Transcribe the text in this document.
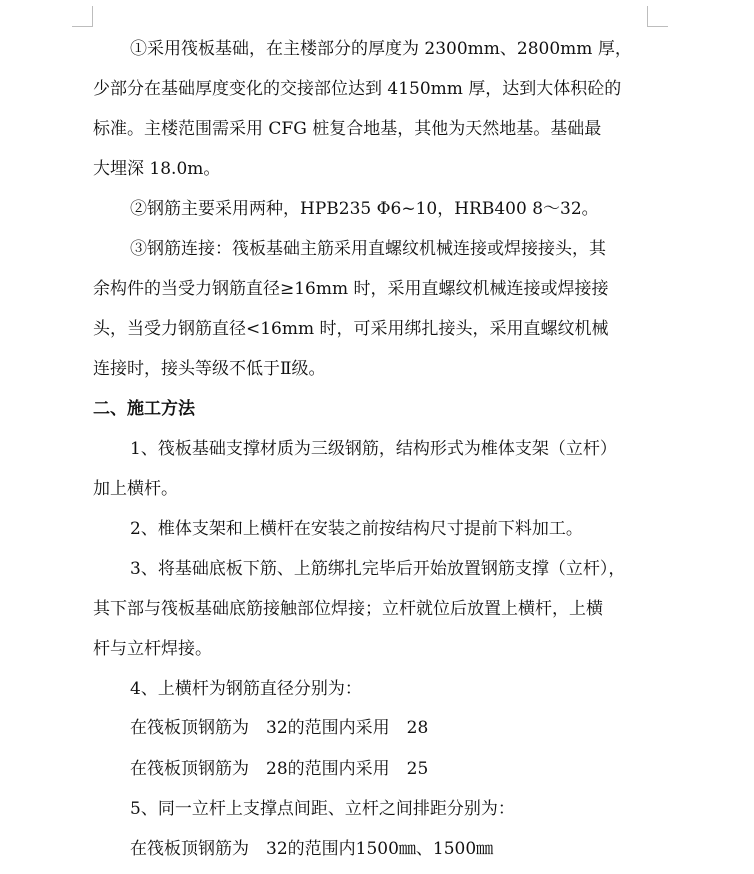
①采用筏板基础，在主楼部分的厚度为 2300mm、2800mm 厚，
少部分在基础厚度变化的交接部位达到 4150mm 厚，达到大体积砼的
标准。主楼范围需采用 CFG 桩复合地基，其他为天然地基。基础最
大埋深 18.0m。
②钢筋主要采用两种，HPB235 Φ6~10，HRB400 8～32。
③钢筋连接：筏板基础主筋采用直螺纹机械连接或焊接接头，其
余构件的当受力钢筋直径≥16mm 时，采用直螺纹机械连接或焊接接
头，当受力钢筋直径<16mm 时，可采用绑扎接头，采用直螺纹机械
连接时，接头等级不低于Ⅱ级。
二、施工方法
1、筏板基础支撑材质为三级钢筋，结构形式为椎体支架（立杆）
加上横杆。
2、椎体支架和上横杆在安装之前按结构尺寸提前下料加工。
3、将基础底板下筋、上筋绑扎完毕后开始放置钢筋支撑（立杆），
其下部与筏板基础底筋接触部位焊接；立杆就位后放置上横杆，上横
杆与立杆焊接。
4、上横杆为钢筋直径分别为：
在筏板顶钢筋为　32的范围内采用　28
在筏板顶钢筋为　28的范围内采用　25
5、同一立杆上支撑点间距、立杆之间排距分别为：
在筏板顶钢筋为　32的范围内1500㎜、1500㎜
